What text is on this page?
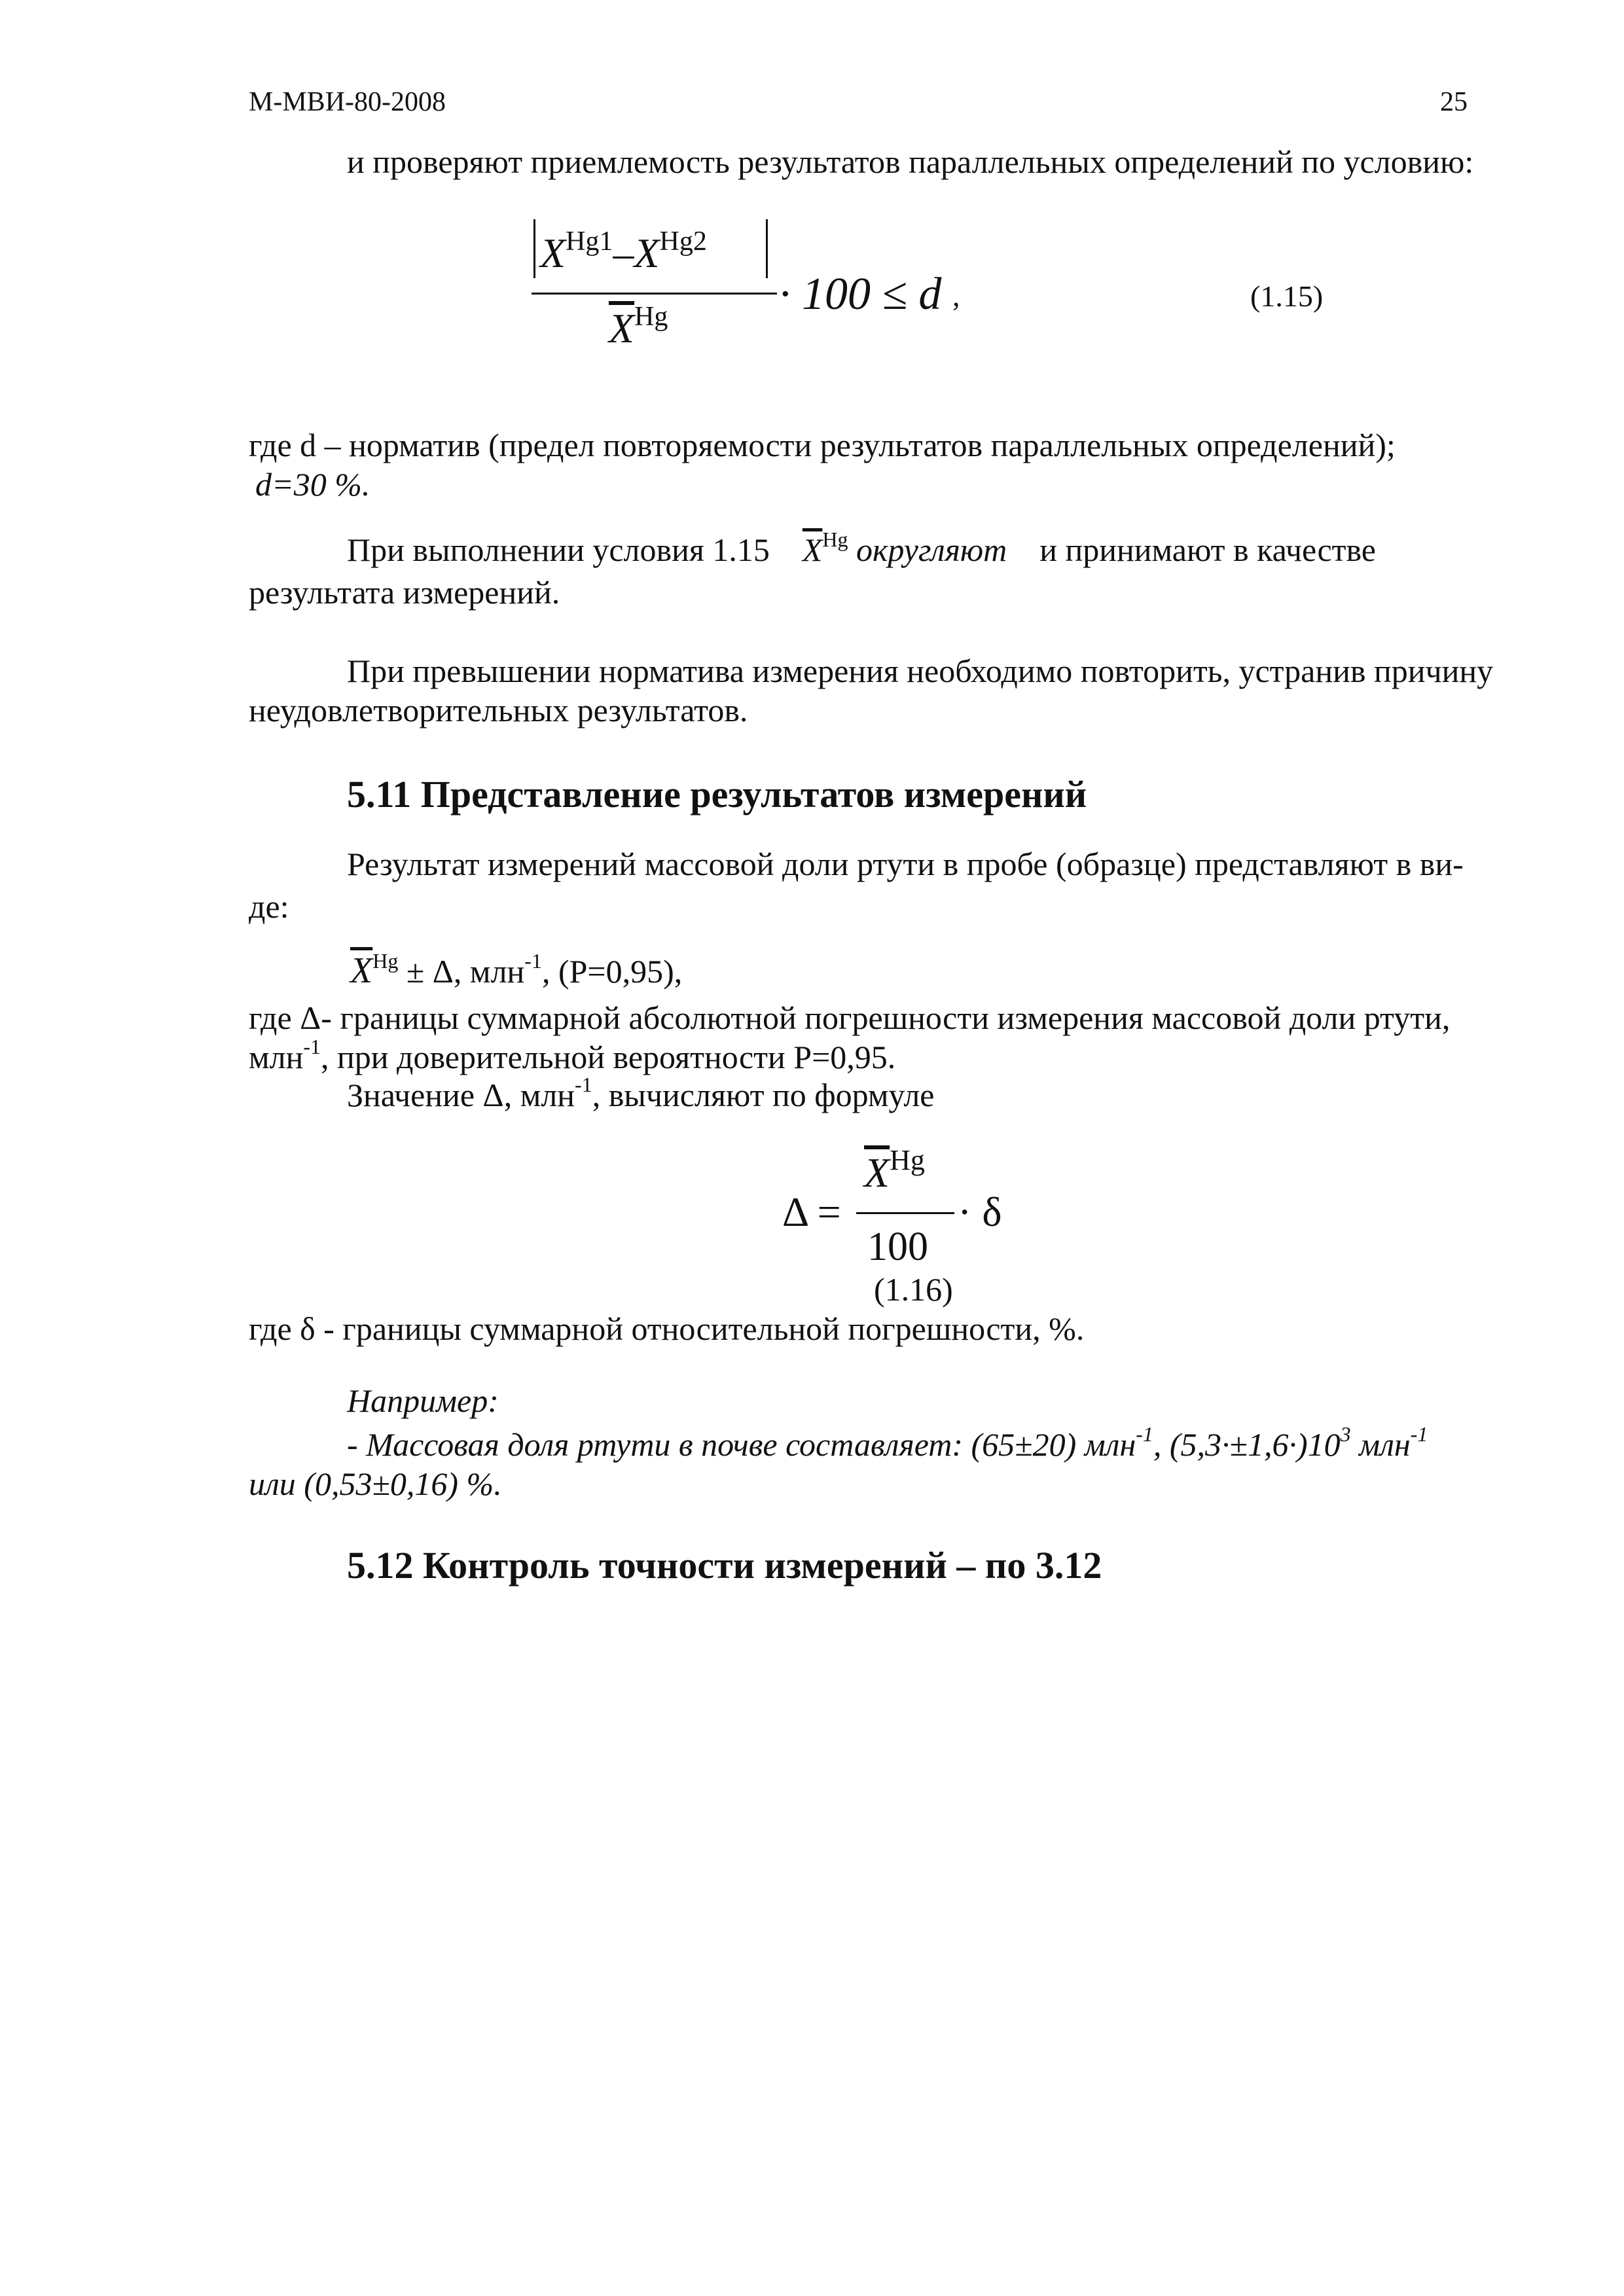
М-МВИ-80-2008	25
и проверяют приемлемость результатов параллельных определений по условию:
$X^{Hg1}-X^{Hg2}$
$\overline{X}^{Hg} \cdot 100 \le d$ ,	(1.15)
где d – норматив (предел повторяемости результатов параллельных определений);
d=30 %.
При выполнении условия 1.15 $\overline{X}^{Hg}$ округляют и принимают в качестве
результата измерений.
При превышении норматива измерения необходимо повторить, устранив причину
неудовлетворительных результатов.
5.11 Представление результатов измерений
Результат измерений массовой доли ртути в пробе (образце) представляют в ви-
де:
$\overline{X}^{Hg} \pm \Delta$, млн$^{-1}$, (P=0,95),
где Δ- границы суммарной абсолютной погрешности измерения массовой доли ртути,
млн$^{-1}$, при доверительной вероятности P=0,95.
Значение Δ, млн$^{-1}$, вычисляют по формуле
Δ =
$\overline{X}^{Hg}$
100
· δ
(1.16)
где δ - границы суммарной относительной погрешности, %.
Например:
- Массовая доля ртути в почве составляет: (65±20) млн$^{-1}$, $(5,3\cdot\pm 1,6\cdot)10^3$ млн$^{-1}$
или (0,53±0,16) %.
5.12 Контроль точности измерений – по 3.12
